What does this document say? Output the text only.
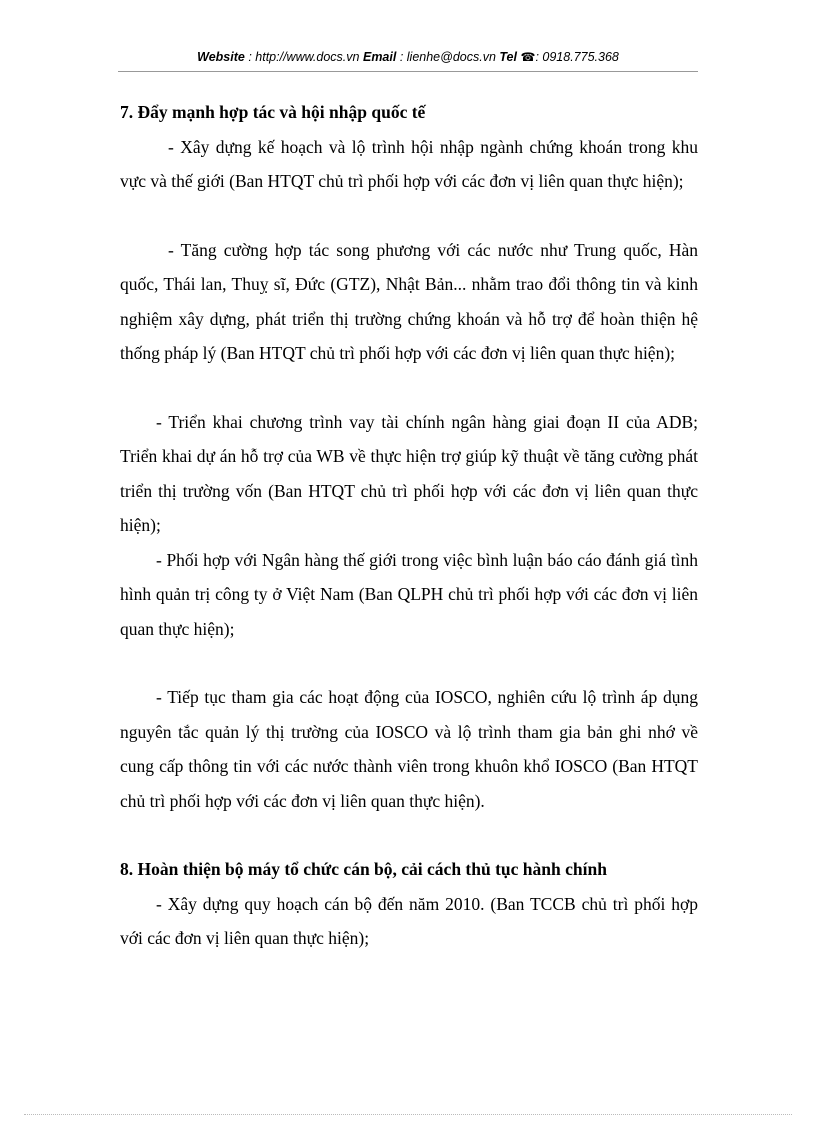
Website : http://www.docs.vn Email : lienhe@docs.vn Tel ☎: 0918.775.368

7. Đẩy mạnh hợp tác và hội nhập quốc tế

- Xây dựng kế hoạch và lộ trình hội nhập ngành chứng khoán trong khu vực và thế giới (Ban HTQT chủ trì phối hợp với các đơn vị liên quan thực hiện);

- Tăng cường hợp tác song phương với các nước như Trung quốc, Hàn quốc, Thái lan, Thuỵ sĩ, Đức (GTZ), Nhật Bản... nhằm trao đổi thông tin và kinh nghiệm xây dựng, phát triển thị trường chứng khoán và hỗ trợ để hoàn thiện hệ thống pháp lý (Ban HTQT chủ trì phối hợp với các đơn vị liên quan thực hiện);

- Triển khai chương trình vay tài chính ngân hàng giai đoạn II của ADB; Triển khai dự án hỗ trợ của WB về thực hiện trợ giúp kỹ thuật về tăng cường phát triển thị trường vốn (Ban HTQT chủ trì phối hợp với các đơn vị liên quan thực hiện);

- Phối hợp với Ngân hàng thế giới trong việc bình luận báo cáo đánh giá tình hình quản trị công ty ở Việt Nam (Ban QLPH chủ trì phối hợp với các đơn vị liên quan thực hiện);

- Tiếp tục tham gia các hoạt động của IOSCO, nghiên cứu lộ trình áp dụng nguyên tắc quản lý thị trường của IOSCO và lộ trình tham gia bản ghi nhớ về cung cấp thông tin với các nước thành viên trong khuôn khổ IOSCO (Ban HTQT chủ trì phối hợp với các đơn vị liên quan thực hiện).

8. Hoàn thiện bộ máy tổ chức cán bộ, cải cách thủ tục hành chính

- Xây dựng quy hoạch cán bộ đến năm 2010. (Ban TCCB chủ trì phối hợp với các đơn vị liên quan thực hiện);
